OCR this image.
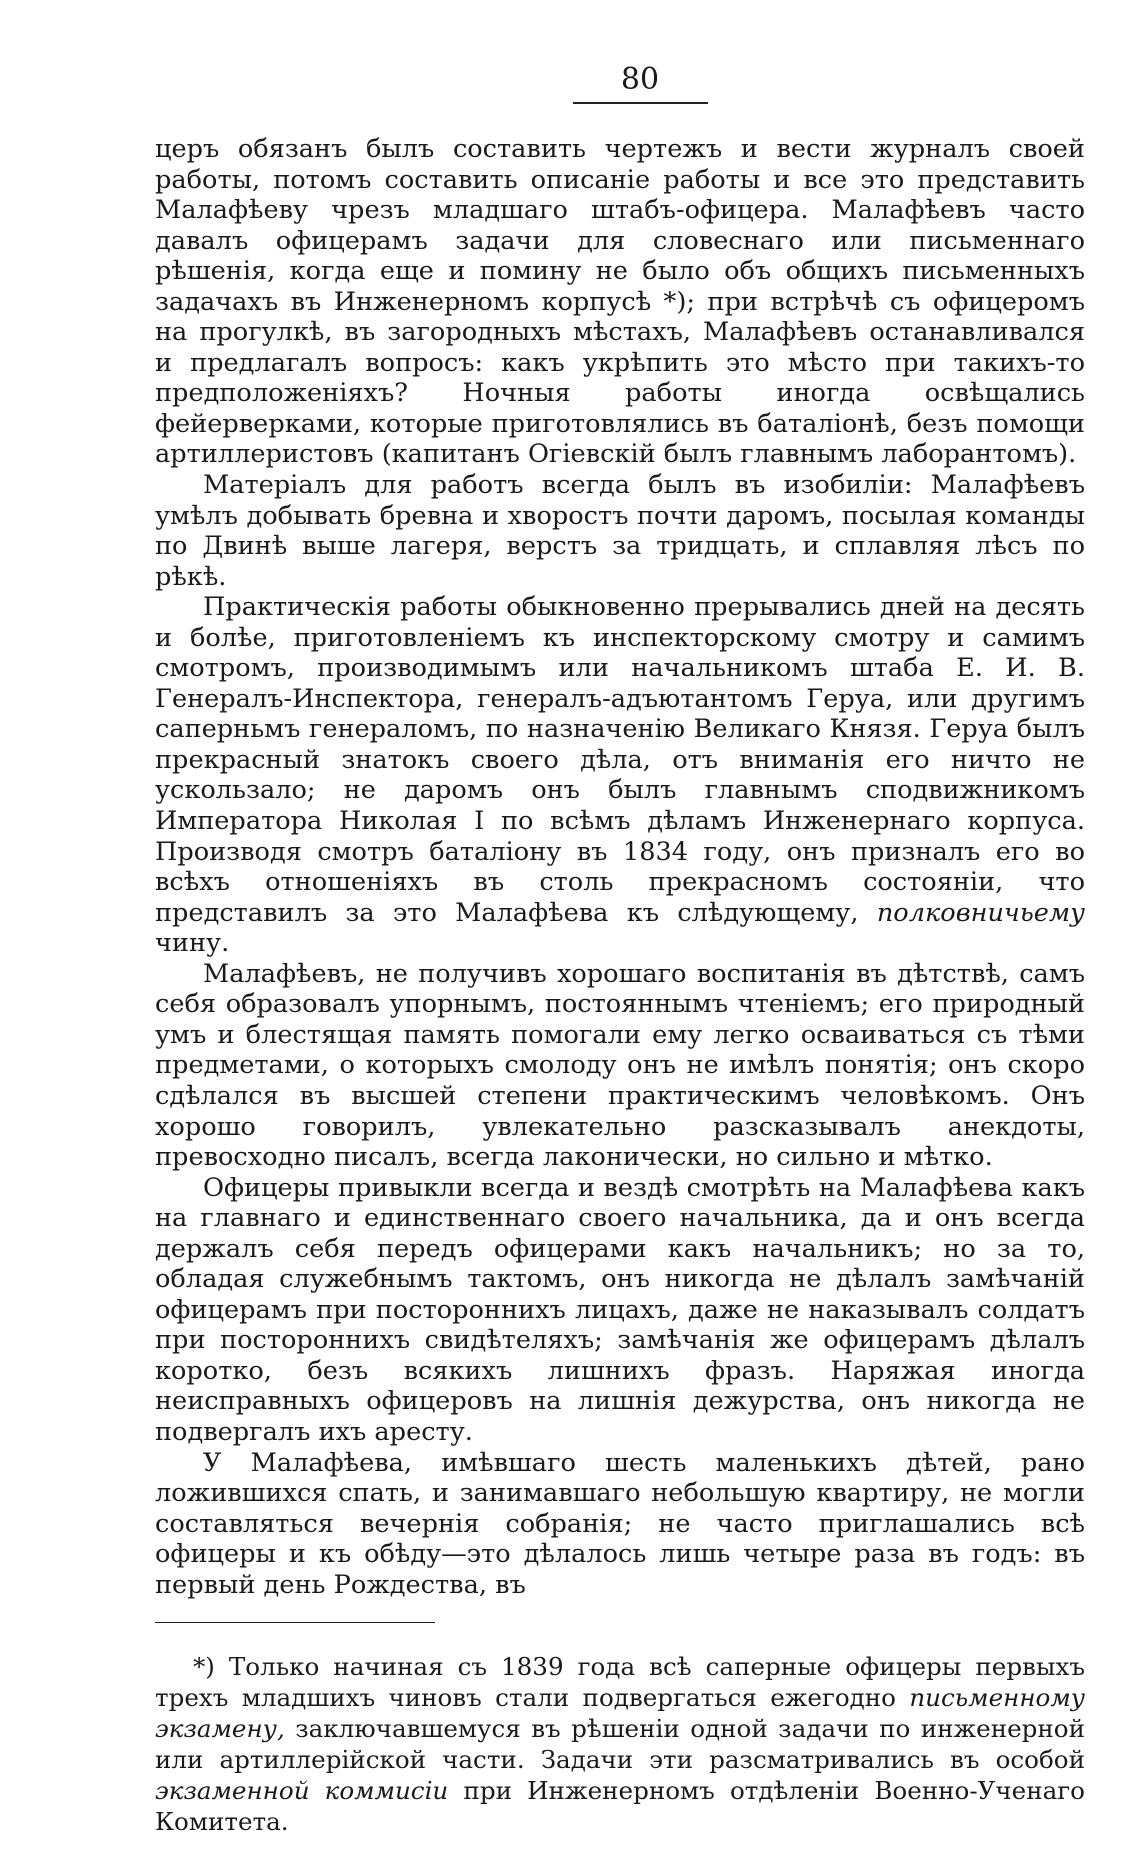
80

церъ обязанъ былъ составить чертежъ и вести журналъ своей работы, потомъ составить описаніе работы и все это представить Малафѣеву чрезъ младшаго штабъ-офицера. Малафѣевъ часто давалъ офицерамъ задачи для словеснаго или письменнаго рѣшенія, когда еще и помину не было объ общихъ письменныхъ задачахъ въ Инженерномъ корпусѣ *); при встрѣчѣ съ офицеромъ на прогулкѣ, въ загородныхъ мѣстахъ, Малафѣевъ останавливался и предлагалъ вопросъ: какъ укрѣпить это мѣсто при такихъ-то предположеніяхъ? Ночныя работы иногда освѣщались фейерверками, которые приготовлялись въ баталіонѣ, безъ помощи артиллеристовъ (капитанъ Огіевскій былъ главнымъ лаборантомъ).

Матеріалъ для работъ всегда былъ въ изобиліи: Малафѣевъ умѣлъ добывать бревна и хворостъ почти даромъ, посылая команды по Двинѣ выше лагеря, верстъ за тридцать, и сплавляя лѣсъ по рѣкѣ.

Практическія работы обыкновенно прерывались дней на десять и болѣе, приготовленіемъ къ инспекторскому смотру и самимъ смотромъ, производимымъ или начальникомъ штаба Е. И. В. Генералъ-Инспектора, генералъ-адъютантомъ Геруа, или другимъ саперньмъ генераломъ, по назначенію Великаго Князя. Геруа былъ прекрасный знатокъ своего дѣла, отъ вниманія его ничто не ускользало; не даромъ онъ былъ главнымъ сподвижникомъ Императора Николая I по всѣмъ дѣламъ Инженернаго корпуса. Производя смотръ баталіону въ 1834 году, онъ призналъ его во всѣхъ отношеніяхъ въ столь прекрасномъ состояніи, что представилъ за это Малафѣева къ слѣдующему, полковничьему чину.

Малафѣевъ, не получивъ хорошаго воспитанія въ дѣтствѣ, самъ себя образовалъ упорнымъ, постояннымъ чтеніемъ; его природный умъ и блестящая память помогали ему легко осваиваться съ тѣми предметами, о которыхъ смолоду онъ не имѣлъ понятія; онъ скоро сдѣлался въ высшей степени практическимъ человѣкомъ. Онъ хорошо говорилъ, увлекательно разсказывалъ анекдоты, превосходно писалъ, всегда лаконически, но сильно и мѣтко.

Офицеры привыкли всегда и вездѣ смотрѣть на Малафѣева какъ на главнаго и единственнаго своего начальника, да и онъ всегда держалъ себя передъ офицерами какъ начальникъ; но за то, обладая служебнымъ тактомъ, онъ никогда не дѣлалъ замѣчаній офицерамъ при постороннихъ лицахъ, даже не наказывалъ солдатъ при постороннихъ свидѣтеляхъ; замѣчанія же офицерамъ дѣлалъ коротко, безъ всякихъ лишнихъ фразъ. Наряжая иногда неисправныхъ офицеровъ на лишнія дежурства, онъ никогда не подвергалъ ихъ аресту.

У Малафѣева, имѣвшаго шесть маленькихъ дѣтей, рано ложившихся спать, и занимавшаго небольшую квартиру, не могли составляться вечернія собранія; не часто приглашались всѣ офицеры и къ обѣду—это дѣлалось лишь четыре раза въ годъ: въ первый день Рождества, въ

*) Только начиная съ 1839 года всѣ саперные офицеры первыхъ трехъ младшихъ чиновъ стали подвергаться ежегодно письменному экзамену, заключавшемуся въ рѣшеніи одной задачи по инженерной или артиллерійской части. Задачи эти разсматривались въ особой экзаменной коммисіи при Инженерномъ отдѣленіи Военно-Ученаго Комитета.
